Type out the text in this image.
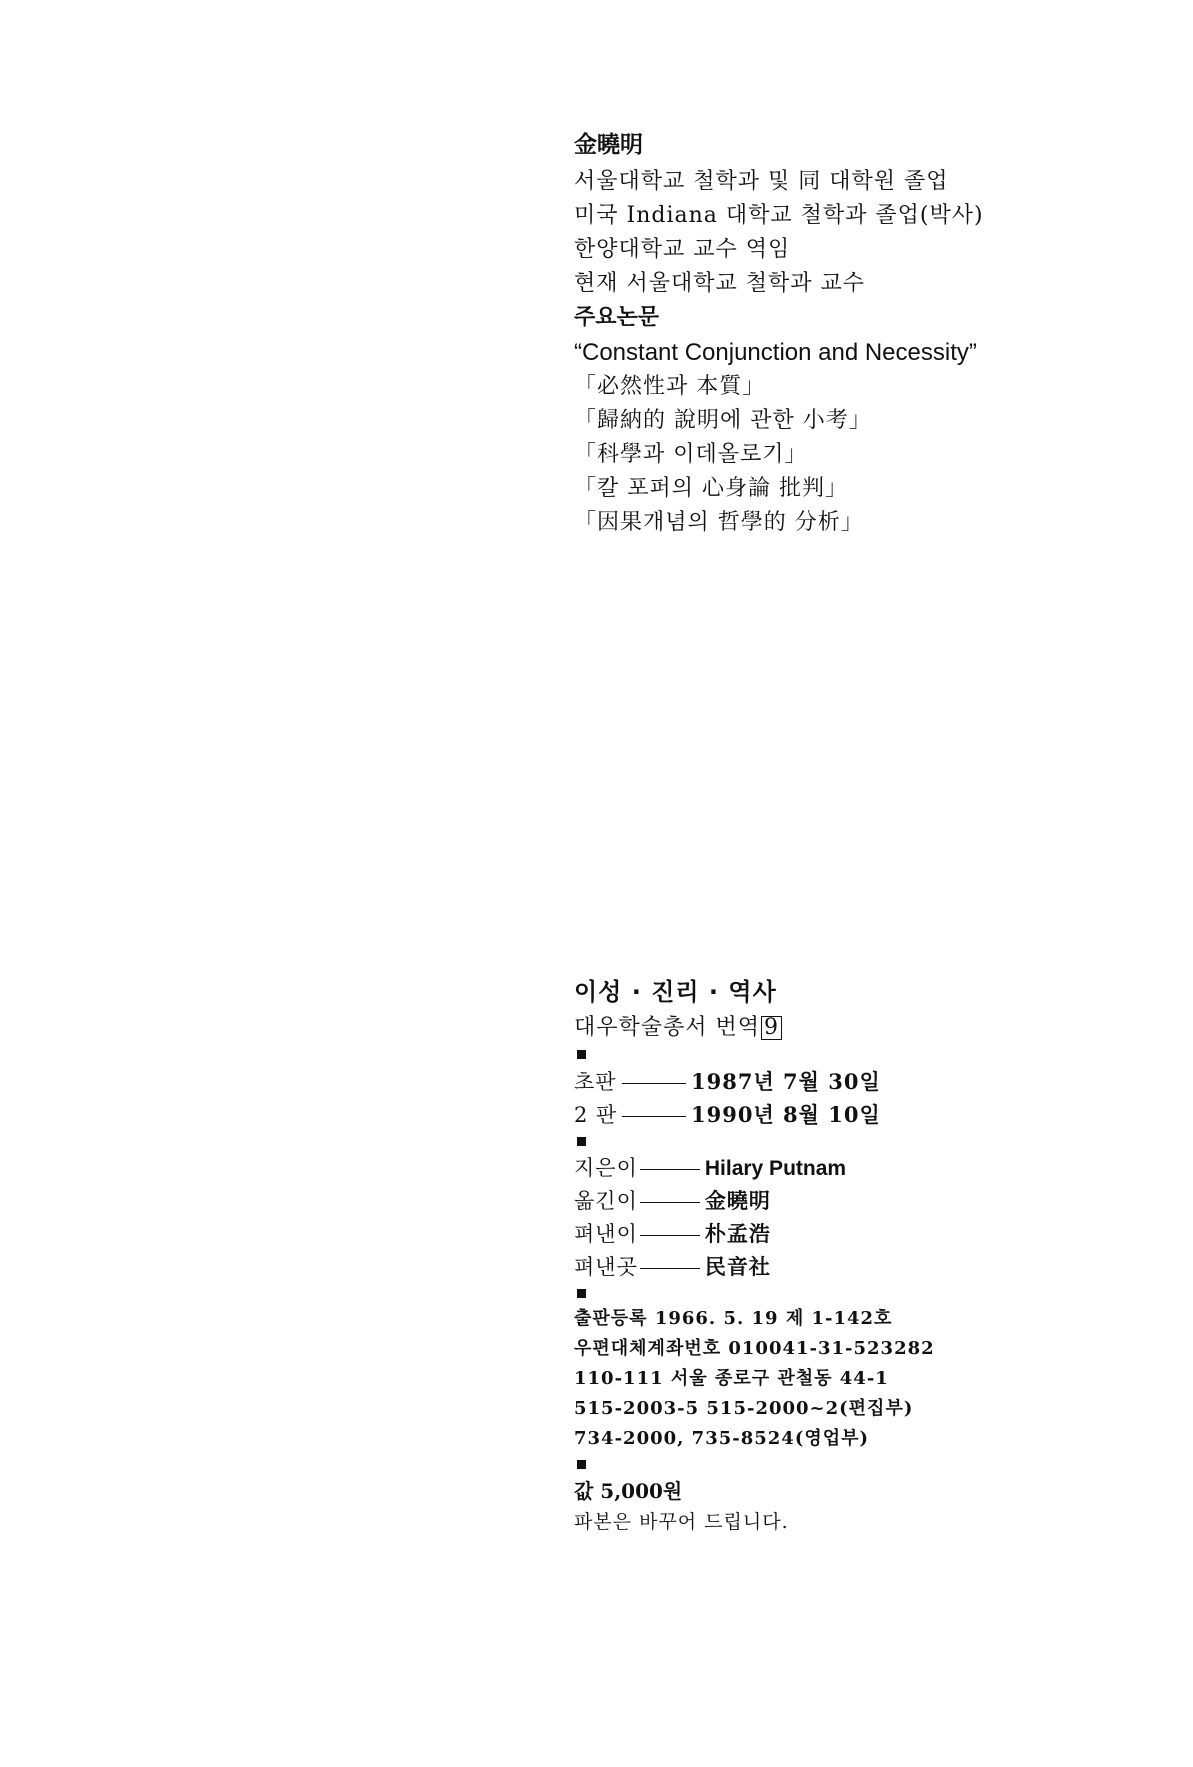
金曉明
서울대학교 철학과 및 同 대학원 졸업
미국 Indiana 대학교 철학과 졸업(박사)
한양대학교 교수 역임
현재 서울대학교 철학과 교수
주요논문
“Constant Conjunction and Necessity”
「必然性과 本質」
「歸納的 說明에 관한 小考」
「科學과 이데올로기」
「칼 포퍼의 心身論 批判」
「因果개념의 哲學的 分析」
이성 · 진리 · 역사
대우학술총서 번역 9
초판	1987년 7월 30일
2 판	1990년 8월 10일
지은이	Hilary Putnam
옮긴이	金曉明
펴낸이	朴孟浩
펴낸곳	民音社
출판등록 1966. 5. 19 제 1-142호
우편대체계좌번호 010041-31-523282
110-111 서울 종로구 관철동 44-1
515-2003-5 515-2000~2(편집부)
734-2000, 735-8524(영업부)
값 5,000원
파본은 바꾸어 드립니다.
